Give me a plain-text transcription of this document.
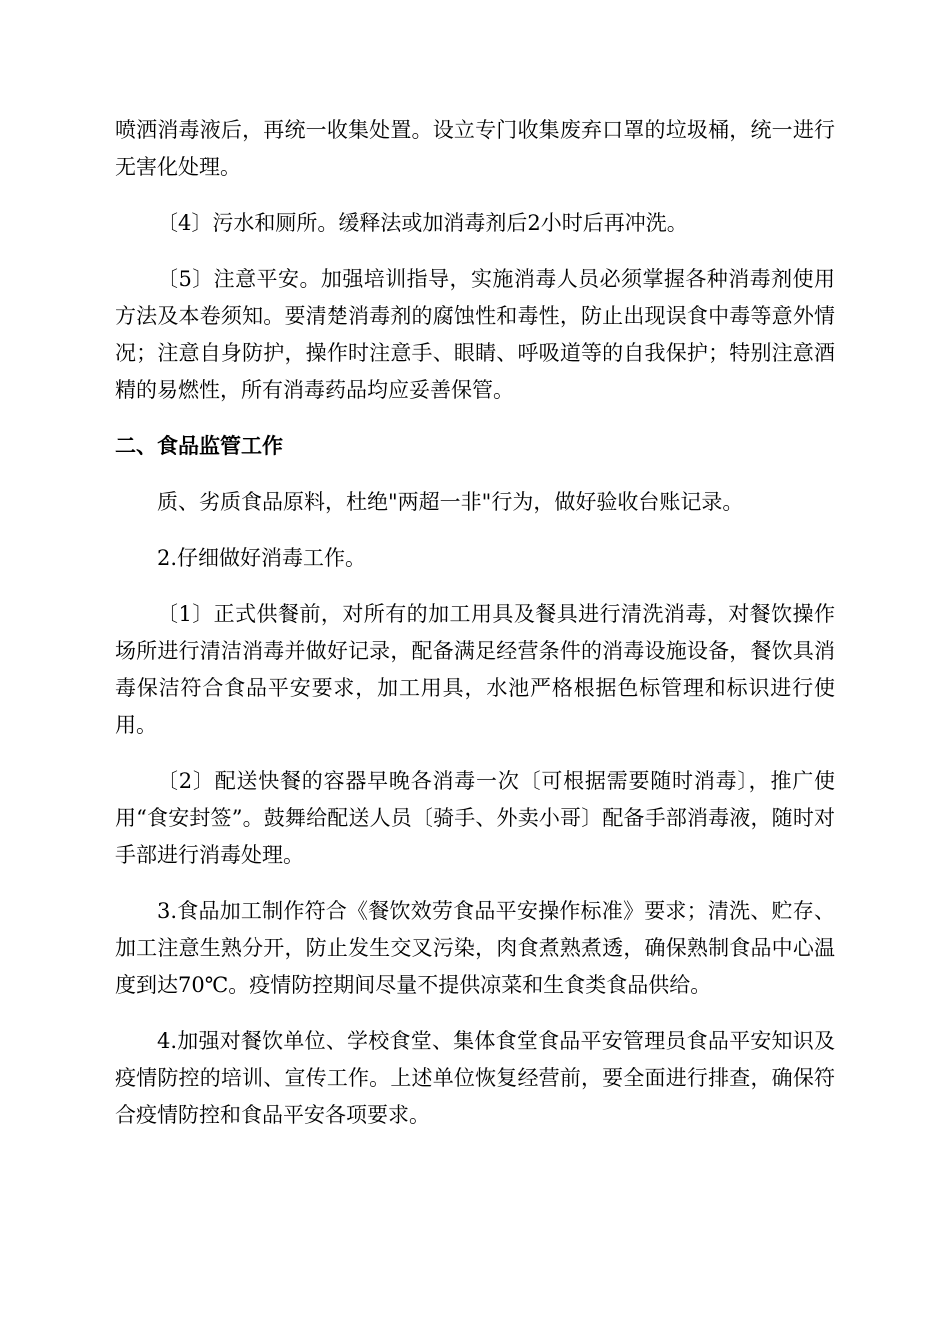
喷洒消毒液后，再统一收集处置。设立专门收集废弃口罩的垃圾桶，统一进行无害化处理。

〔4〕污水和厕所。缓释法或加消毒剂后2小时后再冲洗。

〔5〕注意平安。加强培训指导，实施消毒人员必须掌握各种消毒剂使用方法及本卷须知。要清楚消毒剂的腐蚀性和毒性，防止出现误食中毒等意外情况；注意自身防护，操作时注意手、眼睛、呼吸道等的自我保护；特别注意酒精的易燃性，所有消毒药品均应妥善保管。

二、食品监管工作

质、劣质食品原料，杜绝"两超一非"行为，做好验收台账记录。

2.仔细做好消毒工作。

〔1〕正式供餐前，对所有的加工用具及餐具进行清洗消毒，对餐饮操作场所进行清洁消毒并做好记录，配备满足经营条件的消毒设施设备，餐饮具消毒保洁符合食品平安要求，加工用具，水池严格根据色标管理和标识进行使用。

〔2〕配送快餐的容器早晚各消毒一次〔可根据需要随时消毒〕，推广使用“食安封签”。鼓舞给配送人员〔骑手、外卖小哥〕配备手部消毒液，随时对手部进行消毒处理。

3.食品加工制作符合《餐饮效劳食品平安操作标准》要求；清洗、贮存、加工注意生熟分开，防止发生交叉污染，肉食煮熟煮透，确保熟制食品中心温度到达70℃。疫情防控期间尽量不提供凉菜和生食类食品供给。

4.加强对餐饮单位、学校食堂、集体食堂食品平安管理员食品平安知识及疫情防控的培训、宣传工作。上述单位恢复经营前，要全面进行排查，确保符合疫情防控和食品平安各项要求。
